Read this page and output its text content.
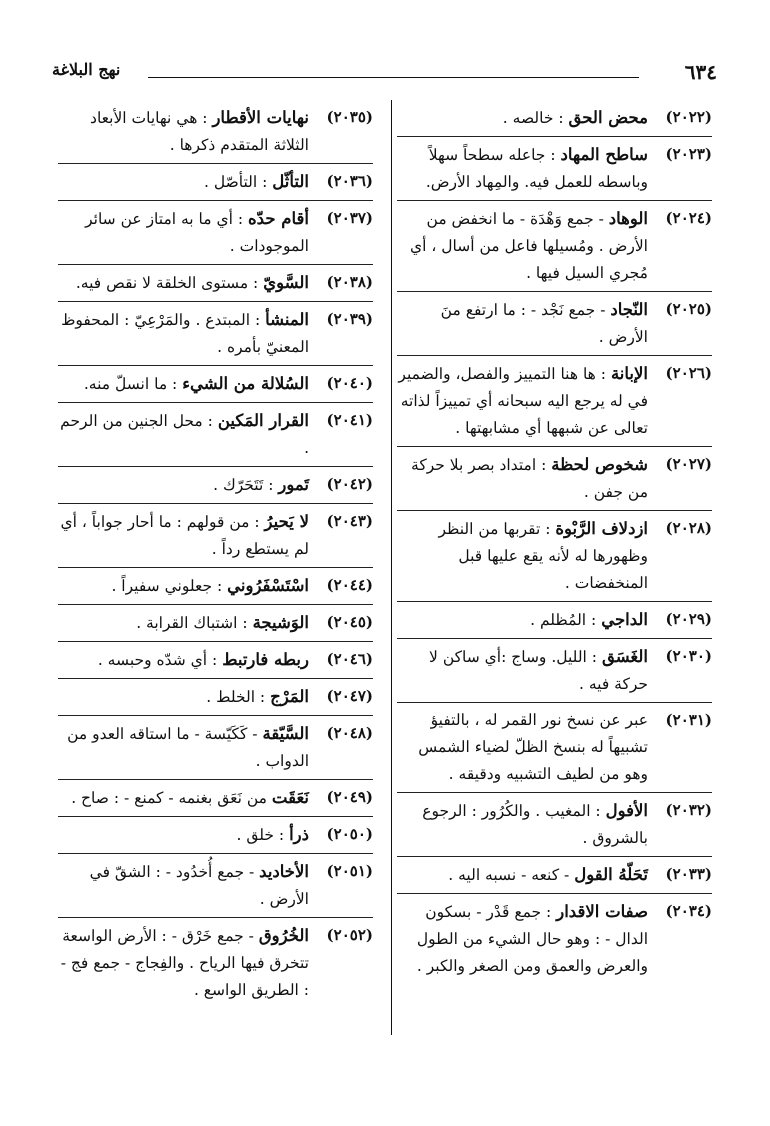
٦٣٤
نهج البلاغة
(٢٠٢٢)
محض الحق : خالصه .
(٢٠٢٣)
ساطح المهاد : جاعله سطحاً سهلاً وباسطه للعمل فيه. والمِهاد الأرض.
(٢٠٢٤)
الوهاد - جمع وَهْدَة - ما انخفض من الأرض . ومُسيلها فاعل من أسال ، أي مُجري السيل فيها .
(٢٠٢٥)
النّجاد - جمع نَجْد - : ما ارتفع منَ الأرض .
(٢٠٢٦)
الإبانة : ها هنا التمييز والفصل، والضمير في له يرجع اليه سبحانه أي تمييزاً لذاته تعالى عن شبهها أي مشابهتها .
(٢٠٢٧)
شخوص لحظة : امتداد بصر بلا حركة من جفن .
(٢٠٢٨)
ازدلاف الرَّبْوة : تقربها من النظر وظهورها له لأنه يقع عليها قبل المنخفضات .
(٢٠٢٩)
الداجي : المُظلم .
(٢٠٣٠)
الغَسَق : الليل. وساج :أي ساكن لا حركة فيه .
(٢٠٣١)
عبر عن نسخ نور القمر له ، بالتفيؤ تشبيهاً له بنسخ الظلّ لضياء الشمس وهو من لطيف التشبيه ودقيقه .
(٢٠٣٢)
الأفول : المغيب . والكُرُور : الرجوع بالشروق .
(٢٠٣٣)
تَحَلّهُ القول - كنعه - نسبه اليه .
(٢٠٣٤)
صفات الاقدار : جمع قَدْر - بسكون الدال - : وهو حال الشيء من الطول والعرض والعمق ومن الصغر والكبر .
(٢٠٣٥)
نهايات الأقطار : هي نهايات الأبعاد الثلاثة المتقدم ذكرها .
(٢٠٣٦)
التأثّل : التأصّل .
(٢٠٣٧)
أقام حدّه : أي ما به امتاز عن سائر الموجودات .
(٢٠٣٨)
السَّويّ : مستوى الخلقة لا نقص فيه.
(٢٠٣٩)
المنشأ : المبتدع . والمَرْعِيّ : المحفوظ المعنيّ بأمره .
(٢٠٤٠)
السُلالة من الشيء : ما انسلّ منه.
(٢٠٤١)
القرار المَكين : محل الجنين من الرحم .
(٢٠٤٢)
تَمور : تَتَحَرّك .
(٢٠٤٣)
لا يَحيرُ : من قولهم : ما أحار جواباً ، أي لم يستطع رداً .
(٢٠٤٤)
اسْتَسْفَرُوني : جعلوني سفيراً .
(٢٠٤٥)
الوَشيجة : اشتباك القرابة .
(٢٠٤٦)
ربطه فارتبط : أي شدّه وحبسه .
(٢٠٤٧)
المَرْج : الخلط .
(٢٠٤٨)
السَّيّقة - كَكَيّسة - ما استاقه العدو من الدواب .
(٢٠٤٩)
نَعَقَت من نَعَق بغنمه - كمنع - : صاح .
(٢٠٥٠)
ذرأ : خلق .
(٢٠٥١)
الأخاديد - جمع أُخدُود - : الشقّ في الأرض .
(٢٠٥٢)
الخُرُوق - جمع خَرْق - : الأرض الواسعة تتخرق فيها الرياح . والفِجاج - جمع فج - : الطريق الواسع .
